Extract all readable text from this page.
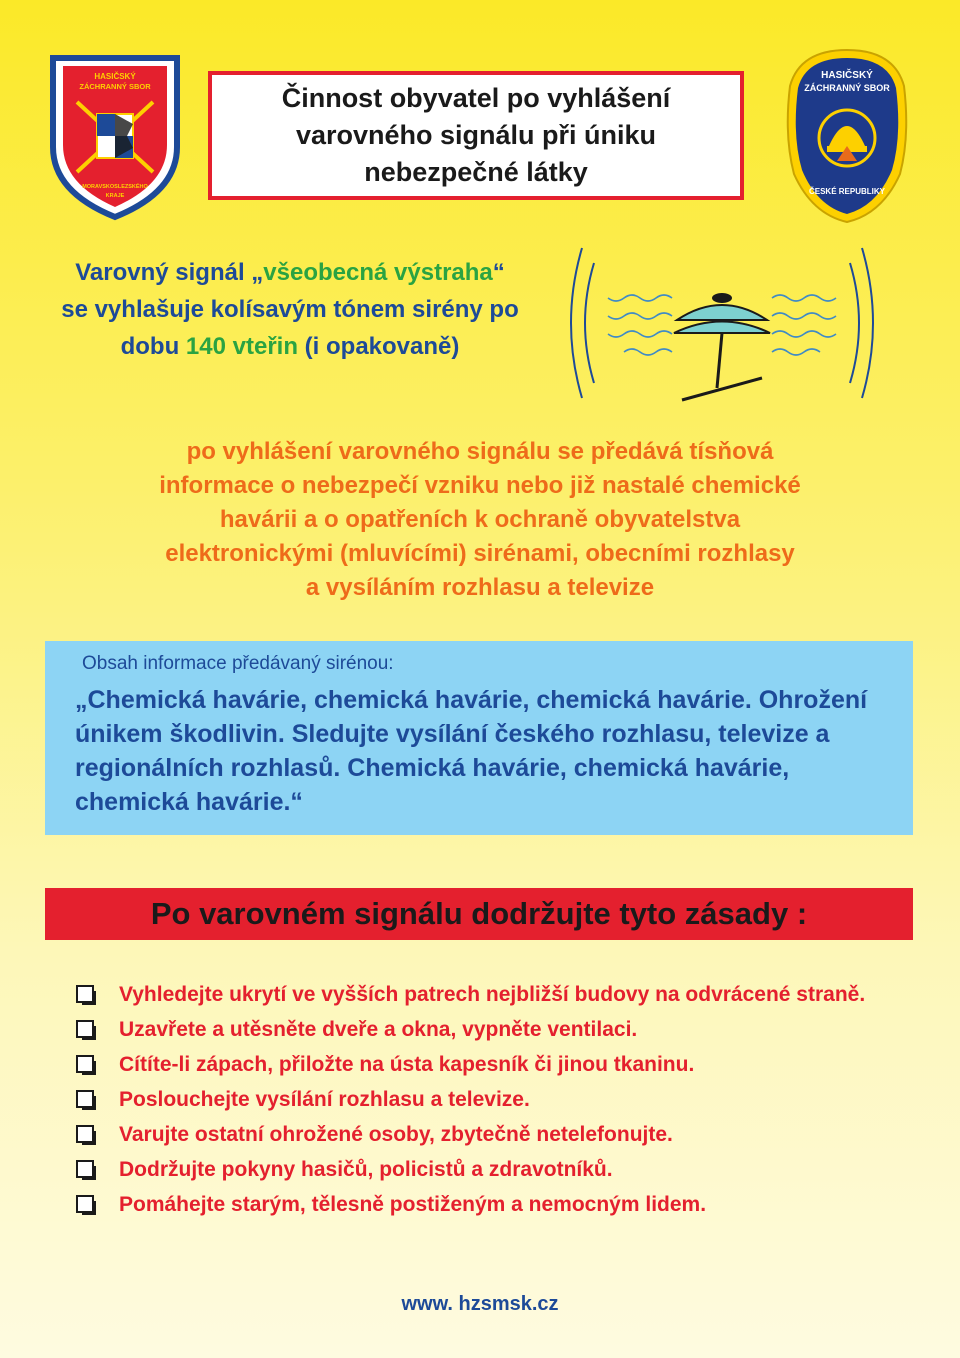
HASIČSKÝ
ZÁCHRANNÝ SBOR
MORAVSKOSLEZSKÉHO
KRAJE
Činnost obyvatel po vyhlášení
varovného signálu při úniku
nebezpečné látky
HASIČSKÝ
ZÁCHRANNÝ SBOR
ČESKÉ REPUBLIKY
Varovný signál „všeobecná výstraha“ se vyhlašuje kolísavým tónem sirény po dobu 140 vteřin (i opakovaně)
po vyhlášení varovného signálu se předává tísňová
informace o nebezpečí vzniku nebo již nastalé chemické
havárii a o opatřeních k ochraně obyvatelstva
elektronickými (mluvícími) sirénami, obecními rozhlasy
a vysíláním rozhlasu a televize
Obsah informace předávaný sirénou:
„Chemická havárie, chemická havárie, chemická havárie. Ohrožení únikem škodlivin. Sledujte vysílání českého rozhlasu, televize a regionálních rozhlasů. Chemická havárie, chemická havárie, chemická havárie.“
Po varovném signálu dodržujte tyto zásady :
Vyhledejte ukrytí ve vyšších patrech nejbližší budovy na odvrácené straně.
Uzavřete a utěsněte dveře a okna, vypněte ventilaci.
Cítíte-li zápach, přiložte na ústa kapesník či jinou tkaninu.
Poslouchejte vysílání rozhlasu a televize.
Varujte ostatní ohrožené osoby, zbytečně netelefonujte.
Dodržujte pokyny hasičů, policistů a zdravotníků.
Pomáhejte starým, tělesně postiženým a nemocným lidem.
www. hzsmsk.cz
